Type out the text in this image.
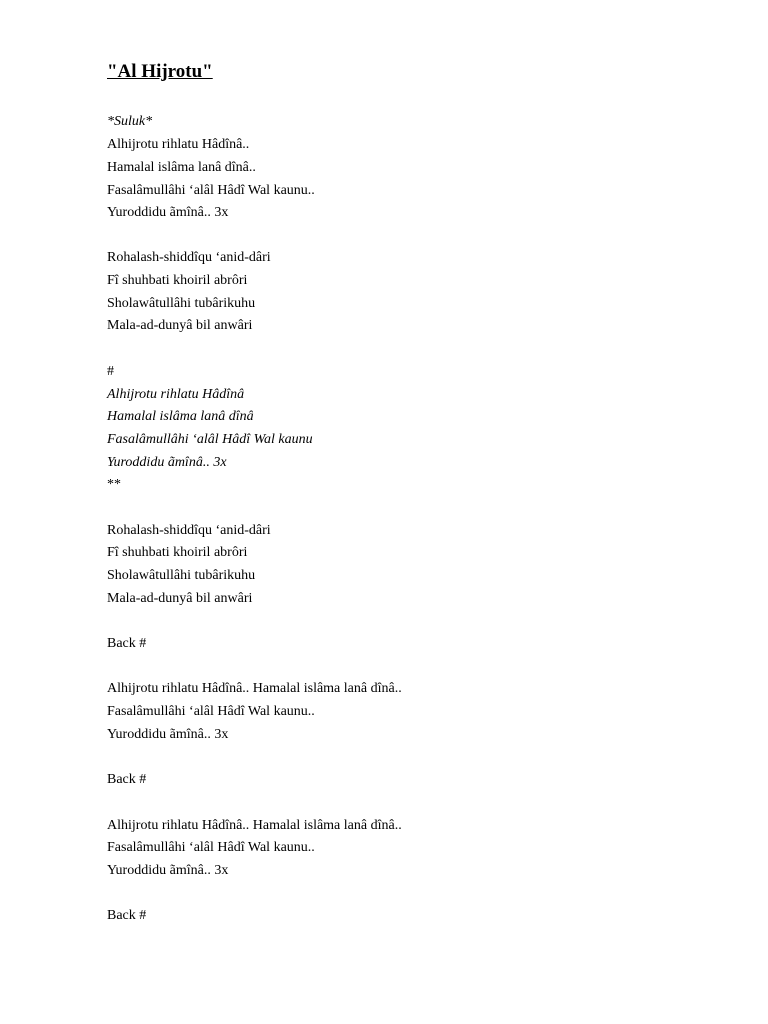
"Al Hijrotu"
*Suluk*
Alhijrotu rihlatu Hâdînâ..
Hamalal islâma lanâ dînâ..
Fasalâmullâhi ‘alâl Hâdî Wal kaunu..
Yuroddidu ãmînâ.. 3x
Rohalash-shiddîqu ‘anid-dâri
Fî shuhbati khoiril abrôri
Sholawâtullâhi tubârikuhu
Mala-ad-dunyâ bil anwâri
#
Alhijrotu rihlatu Hâdînâ
Hamalal islâma lanâ dînâ
Fasalâmullâhi ‘alâl Hâdî Wal kaunu
Yuroddidu ãmînâ.. 3x
**
Rohalash-shiddîqu ‘anid-dâri
Fî shuhbati khoiril abrôri
Sholawâtullâhi tubârikuhu
Mala-ad-dunyâ bil anwâri
Back #
Alhijrotu rihlatu Hâdînâ.. Hamalal islâma lanâ dînâ..
Fasalâmullâhi ‘alâl Hâdî Wal kaunu..
Yuroddidu ãmînâ.. 3x
Back #
Alhijrotu rihlatu Hâdînâ.. Hamalal islâma lanâ dînâ..
Fasalâmullâhi ‘alâl Hâdî Wal kaunu..
Yuroddidu ãmînâ.. 3x
Back #
